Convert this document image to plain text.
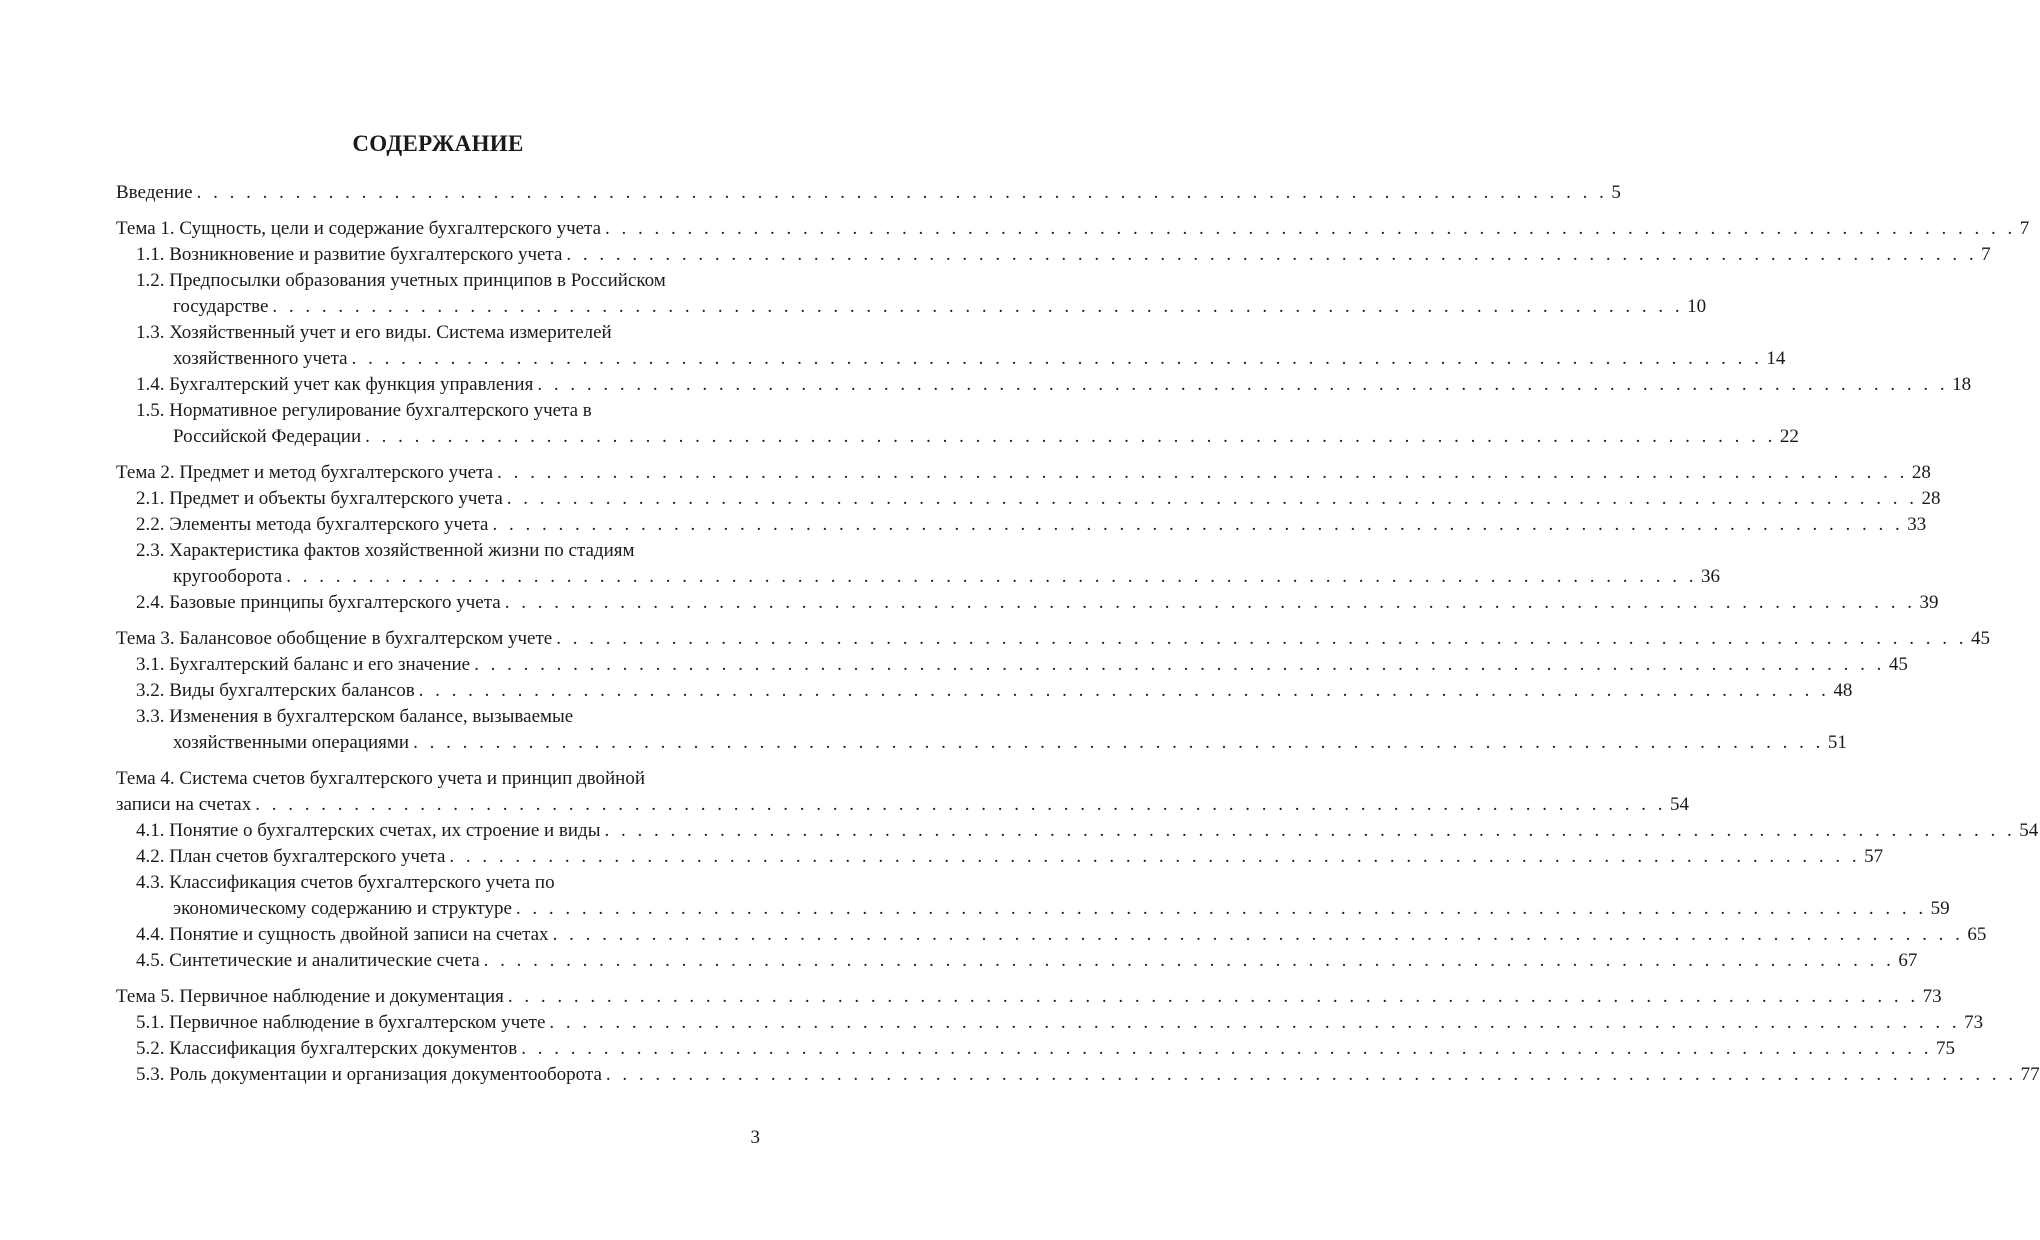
СОДЕРЖАНИЕ
Введение . . . . . . . . . . . . . . . . . . . . . . . . . . . . . . . . . . . . . . . . . . . . . . . . . . . . . . . . . . . . . . . . . . . . . . . . . . . . . . . . . . . . . . 5
Тема 1. Сущность, цели и содержание бухгалтерского учета . . . . . . . . . . . . . . . . . . . . . . . . . . . . . . . . . . . . . . . . . . . . . . . . . . . . . . . . . . . . . . . . . . . . . . . . . . . . . . . . . . . . . . 7
1.1. Возникновение и развитие бухгалтерского учета . . . . . . . . . . . . . . . . . . . . . . . . . . . . . . . . . . . . . . . . . . . . . . . . . . . . . . . . . . . . . . . . . . . . . . . . . . . . . . . . . . . . . . 7
1.2. Предпосылки образования учетных принципов в Российском
государстве . . . . . . . . . . . . . . . . . . . . . . . . . . . . . . . . . . . . . . . . . . . . . . . . . . . . . . . . . . . . . . . . . . . . . . . . . . . . . . . . . . . . . . 10
1.3. Хозяйственный учет и его виды. Система измерителей
хозяйственного учета . . . . . . . . . . . . . . . . . . . . . . . . . . . . . . . . . . . . . . . . . . . . . . . . . . . . . . . . . . . . . . . . . . . . . . . . . . . . . . . . . . . . . . 14
1.4. Бухгалтерский учет как функция управления . . . . . . . . . . . . . . . . . . . . . . . . . . . . . . . . . . . . . . . . . . . . . . . . . . . . . . . . . . . . . . . . . . . . . . . . . . . . . . . . . . . . . . 18
1.5. Нормативное регулирование бухгалтерского учета в
Российской Федерации . . . . . . . . . . . . . . . . . . . . . . . . . . . . . . . . . . . . . . . . . . . . . . . . . . . . . . . . . . . . . . . . . . . . . . . . . . . . . . . . . . . . . . 22
Тема 2. Предмет и метод бухгалтерского учета . . . . . . . . . . . . . . . . . . . . . . . . . . . . . . . . . . . . . . . . . . . . . . . . . . . . . . . . . . . . . . . . . . . . . . . . . . . . . . . . . . . . . . 28
2.1. Предмет и объекты бухгалтерского учета . . . . . . . . . . . . . . . . . . . . . . . . . . . . . . . . . . . . . . . . . . . . . . . . . . . . . . . . . . . . . . . . . . . . . . . . . . . . . . . . . . . . . . 28
2.2. Элементы метода бухгалтерского учета . . . . . . . . . . . . . . . . . . . . . . . . . . . . . . . . . . . . . . . . . . . . . . . . . . . . . . . . . . . . . . . . . . . . . . . . . . . . . . . . . . . . . . 33
2.3. Характеристика фактов хозяйственной жизни по стадиям
кругооборота . . . . . . . . . . . . . . . . . . . . . . . . . . . . . . . . . . . . . . . . . . . . . . . . . . . . . . . . . . . . . . . . . . . . . . . . . . . . . . . . . . . . . . 36
2.4. Базовые принципы бухгалтерского учета . . . . . . . . . . . . . . . . . . . . . . . . . . . . . . . . . . . . . . . . . . . . . . . . . . . . . . . . . . . . . . . . . . . . . . . . . . . . . . . . . . . . . . 39
Тема 3. Балансовое обобщение в бухгалтерском учете . . . . . . . . . . . . . . . . . . . . . . . . . . . . . . . . . . . . . . . . . . . . . . . . . . . . . . . . . . . . . . . . . . . . . . . . . . . . . . . . . . . . . . 45
3.1. Бухгалтерский баланс и его значение . . . . . . . . . . . . . . . . . . . . . . . . . . . . . . . . . . . . . . . . . . . . . . . . . . . . . . . . . . . . . . . . . . . . . . . . . . . . . . . . . . . . . . 45
3.2. Виды бухгалтерских балансов . . . . . . . . . . . . . . . . . . . . . . . . . . . . . . . . . . . . . . . . . . . . . . . . . . . . . . . . . . . . . . . . . . . . . . . . . . . . . . . . . . . . . . 48
3.3. Изменения в бухгалтерском балансе, вызываемые
хозяйственными операциями . . . . . . . . . . . . . . . . . . . . . . . . . . . . . . . . . . . . . . . . . . . . . . . . . . . . . . . . . . . . . . . . . . . . . . . . . . . . . . . . . . . . . . 51
Тема 4. Система счетов бухгалтерского учета и принцип двойной
записи на счетах . . . . . . . . . . . . . . . . . . . . . . . . . . . . . . . . . . . . . . . . . . . . . . . . . . . . . . . . . . . . . . . . . . . . . . . . . . . . . . . . . . . . . . 54
4.1. Понятие о бухгалтерских счетах, их строение и виды . . . . . . . . . . . . . . . . . . . . . . . . . . . . . . . . . . . . . . . . . . . . . . . . . . . . . . . . . . . . . . . . . . . . . . . . . . . . . . . . . . . . . . 54
4.2. План счетов бухгалтерского учета . . . . . . . . . . . . . . . . . . . . . . . . . . . . . . . . . . . . . . . . . . . . . . . . . . . . . . . . . . . . . . . . . . . . . . . . . . . . . . . . . . . . . . 57
4.3. Классификация счетов бухгалтерского учета по
экономическому содержанию и структуре . . . . . . . . . . . . . . . . . . . . . . . . . . . . . . . . . . . . . . . . . . . . . . . . . . . . . . . . . . . . . . . . . . . . . . . . . . . . . . . . . . . . . . 59
4.4. Понятие и сущность двойной записи на счетах . . . . . . . . . . . . . . . . . . . . . . . . . . . . . . . . . . . . . . . . . . . . . . . . . . . . . . . . . . . . . . . . . . . . . . . . . . . . . . . . . . . . . . 65
4.5. Синтетические и аналитические счета . . . . . . . . . . . . . . . . . . . . . . . . . . . . . . . . . . . . . . . . . . . . . . . . . . . . . . . . . . . . . . . . . . . . . . . . . . . . . . . . . . . . . . 67
Тема 5. Первичное наблюдение и документация . . . . . . . . . . . . . . . . . . . . . . . . . . . . . . . . . . . . . . . . . . . . . . . . . . . . . . . . . . . . . . . . . . . . . . . . . . . . . . . . . . . . . . 73
5.1. Первичное наблюдение в бухгалтерском учете . . . . . . . . . . . . . . . . . . . . . . . . . . . . . . . . . . . . . . . . . . . . . . . . . . . . . . . . . . . . . . . . . . . . . . . . . . . . . . . . . . . . . . 73
5.2. Классификация бухгалтерских документов . . . . . . . . . . . . . . . . . . . . . . . . . . . . . . . . . . . . . . . . . . . . . . . . . . . . . . . . . . . . . . . . . . . . . . . . . . . . . . . . . . . . . . 75
5.3. Роль документации и организация документооборота . . . . . . . . . . . . . . . . . . . . . . . . . . . . . . . . . . . . . . . . . . . . . . . . . . . . . . . . . . . . . . . . . . . . . . . . . . . . . . . . . . . . . . 77
3
